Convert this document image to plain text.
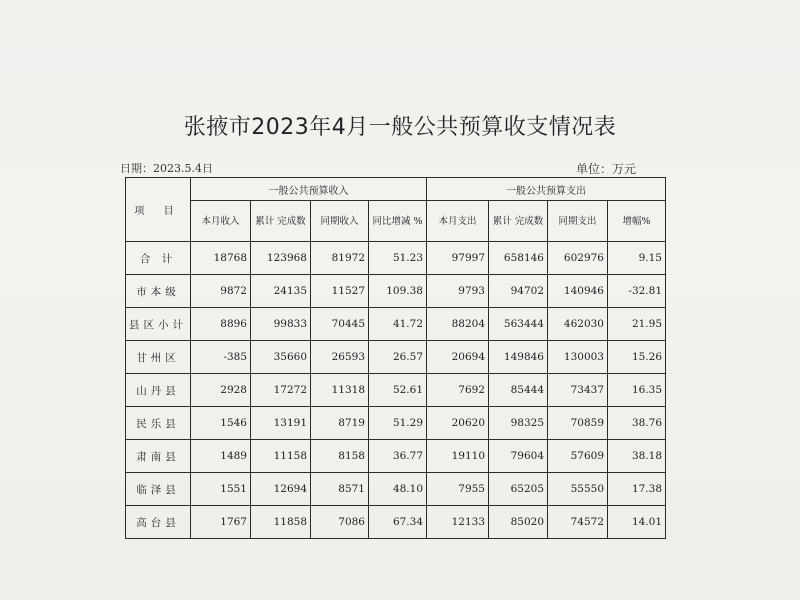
张掖市2023年4月一般公共预算收支情况表
日期：2023.5.4日	单位：万元
项 目	一般公共预算收入				一般公共预算支出			
	本月收入	累计 完成数	同期收入	同比增减 %	本月支出	累计 完成数	同期支出	增幅%
合 计	18768	123968	81972	51.23	97997	658146	602976	9.15
市本级	9872	24135	11527	109.38	9793	94702	140946	-32.81
县区小计	8896	99833	70445	41.72	88204	563444	462030	21.95
甘州区	-385	35660	26593	26.57	20694	149846	130003	15.26
山丹县	2928	17272	11318	52.61	7692	85444	73437	16.35
民乐县	1546	13191	8719	51.29	20620	98325	70859	38.76
肃南县	1489	11158	8158	36.77	19110	79604	57609	38.18
临泽县	1551	12694	8571	48.10	7955	65205	55550	17.38
高台县	1767	11858	7086	67.34	12133	85020	74572	14.01
